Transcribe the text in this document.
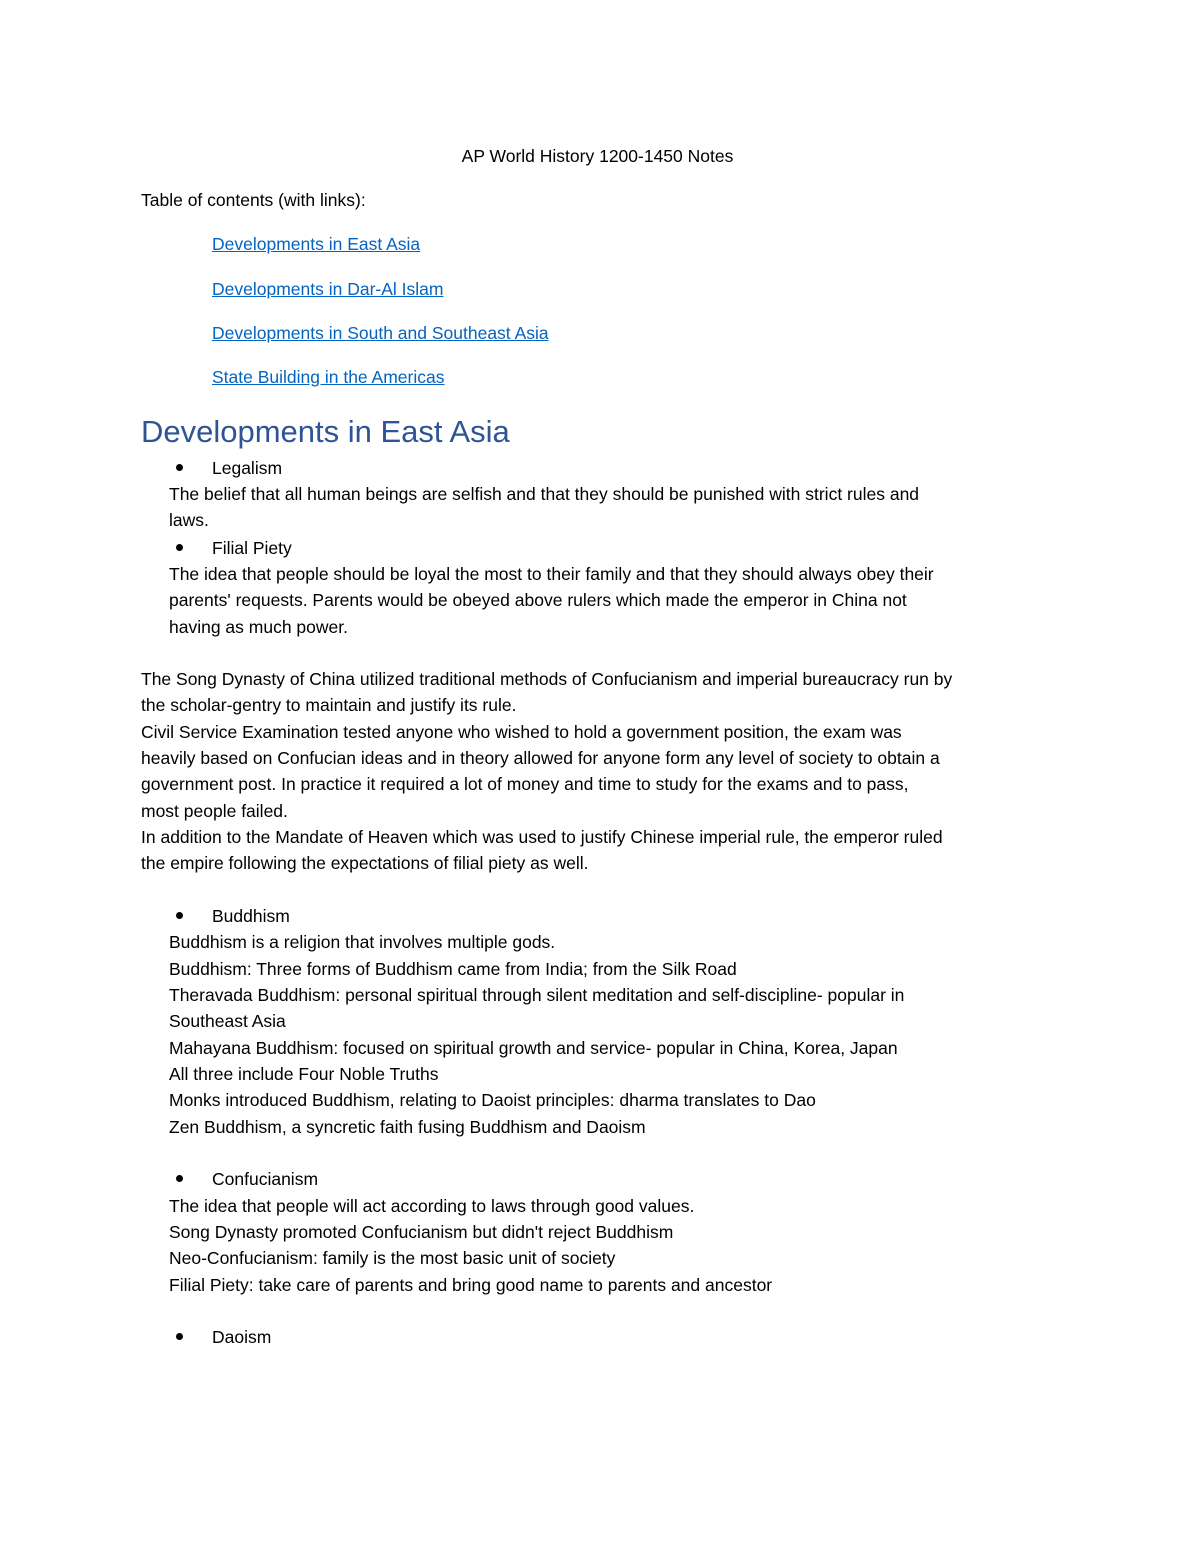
AP World History 1200-1450 Notes
Table of contents (with links):
Developments in East Asia
Developments in Dar-Al Islam
Developments in South and Southeast Asia
State Building in the Americas
Developments in East Asia
Legalism
The belief that all human beings are selfish and that they should be punished with strict rules and
laws.
Filial Piety
The idea that people should be loyal the most to their family and that they should always obey their
parents' requests. Parents would be obeyed above rulers which made the emperor in China not
having as much power.
The Song Dynasty of China utilized traditional methods of Confucianism and imperial bureaucracy run by
the scholar-gentry to maintain and justify its rule.
Civil Service Examination tested anyone who wished to hold a government position, the exam was
heavily based on Confucian ideas and in theory allowed for anyone form any level of society to obtain a
government post. In practice it required a lot of money and time to study for the exams and to pass,
most people failed.
In addition to the Mandate of Heaven which was used to justify Chinese imperial rule, the emperor ruled
the empire following the expectations of filial piety as well.
Buddhism
Buddhism is a religion that involves multiple gods.
Buddhism: Three forms of Buddhism came from India; from the Silk Road
Theravada Buddhism: personal spiritual through silent meditation and self-discipline- popular in
Southeast Asia
Mahayana Buddhism: focused on spiritual growth and service- popular in China, Korea, Japan
All three include Four Noble Truths
Monks introduced Buddhism, relating to Daoist principles: dharma translates to Dao
Zen Buddhism, a syncretic faith fusing Buddhism and Daoism
Confucianism
The idea that people will act according to laws through good values.
Song Dynasty promoted Confucianism but didn't reject Buddhism
Neo-Confucianism: family is the most basic unit of society
Filial Piety: take care of parents and bring good name to parents and ancestor
Daoism
